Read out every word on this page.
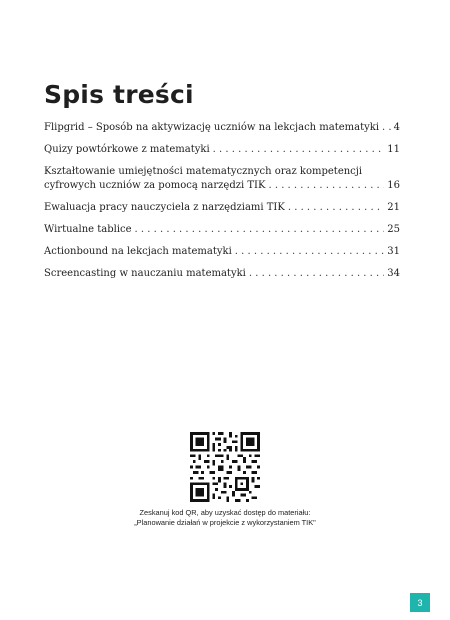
Spis treści
Flipgrid – Sposób na aktywizację uczniów na lekcjach matematyki . . . 4
Quizy powtórkowe z matematyki . . .	11
Kształtowanie umiejętności matematycznych oraz kompetencji
cyfrowych uczniów za pomocą narzędzi TIK . . .	16
Ewaluacja pracy nauczyciela z narzędziami TIK . . .	21
Wirtualne tablice . . .	25
Actionbound na lekcjach matematyki . . .	31
Screencasting w nauczaniu matematyki . . .	34
Zeskanuj kod QR, aby uzyskać dostęp do materiału:
„Planowanie działań w projekcie z wykorzystaniem TIK"
3
